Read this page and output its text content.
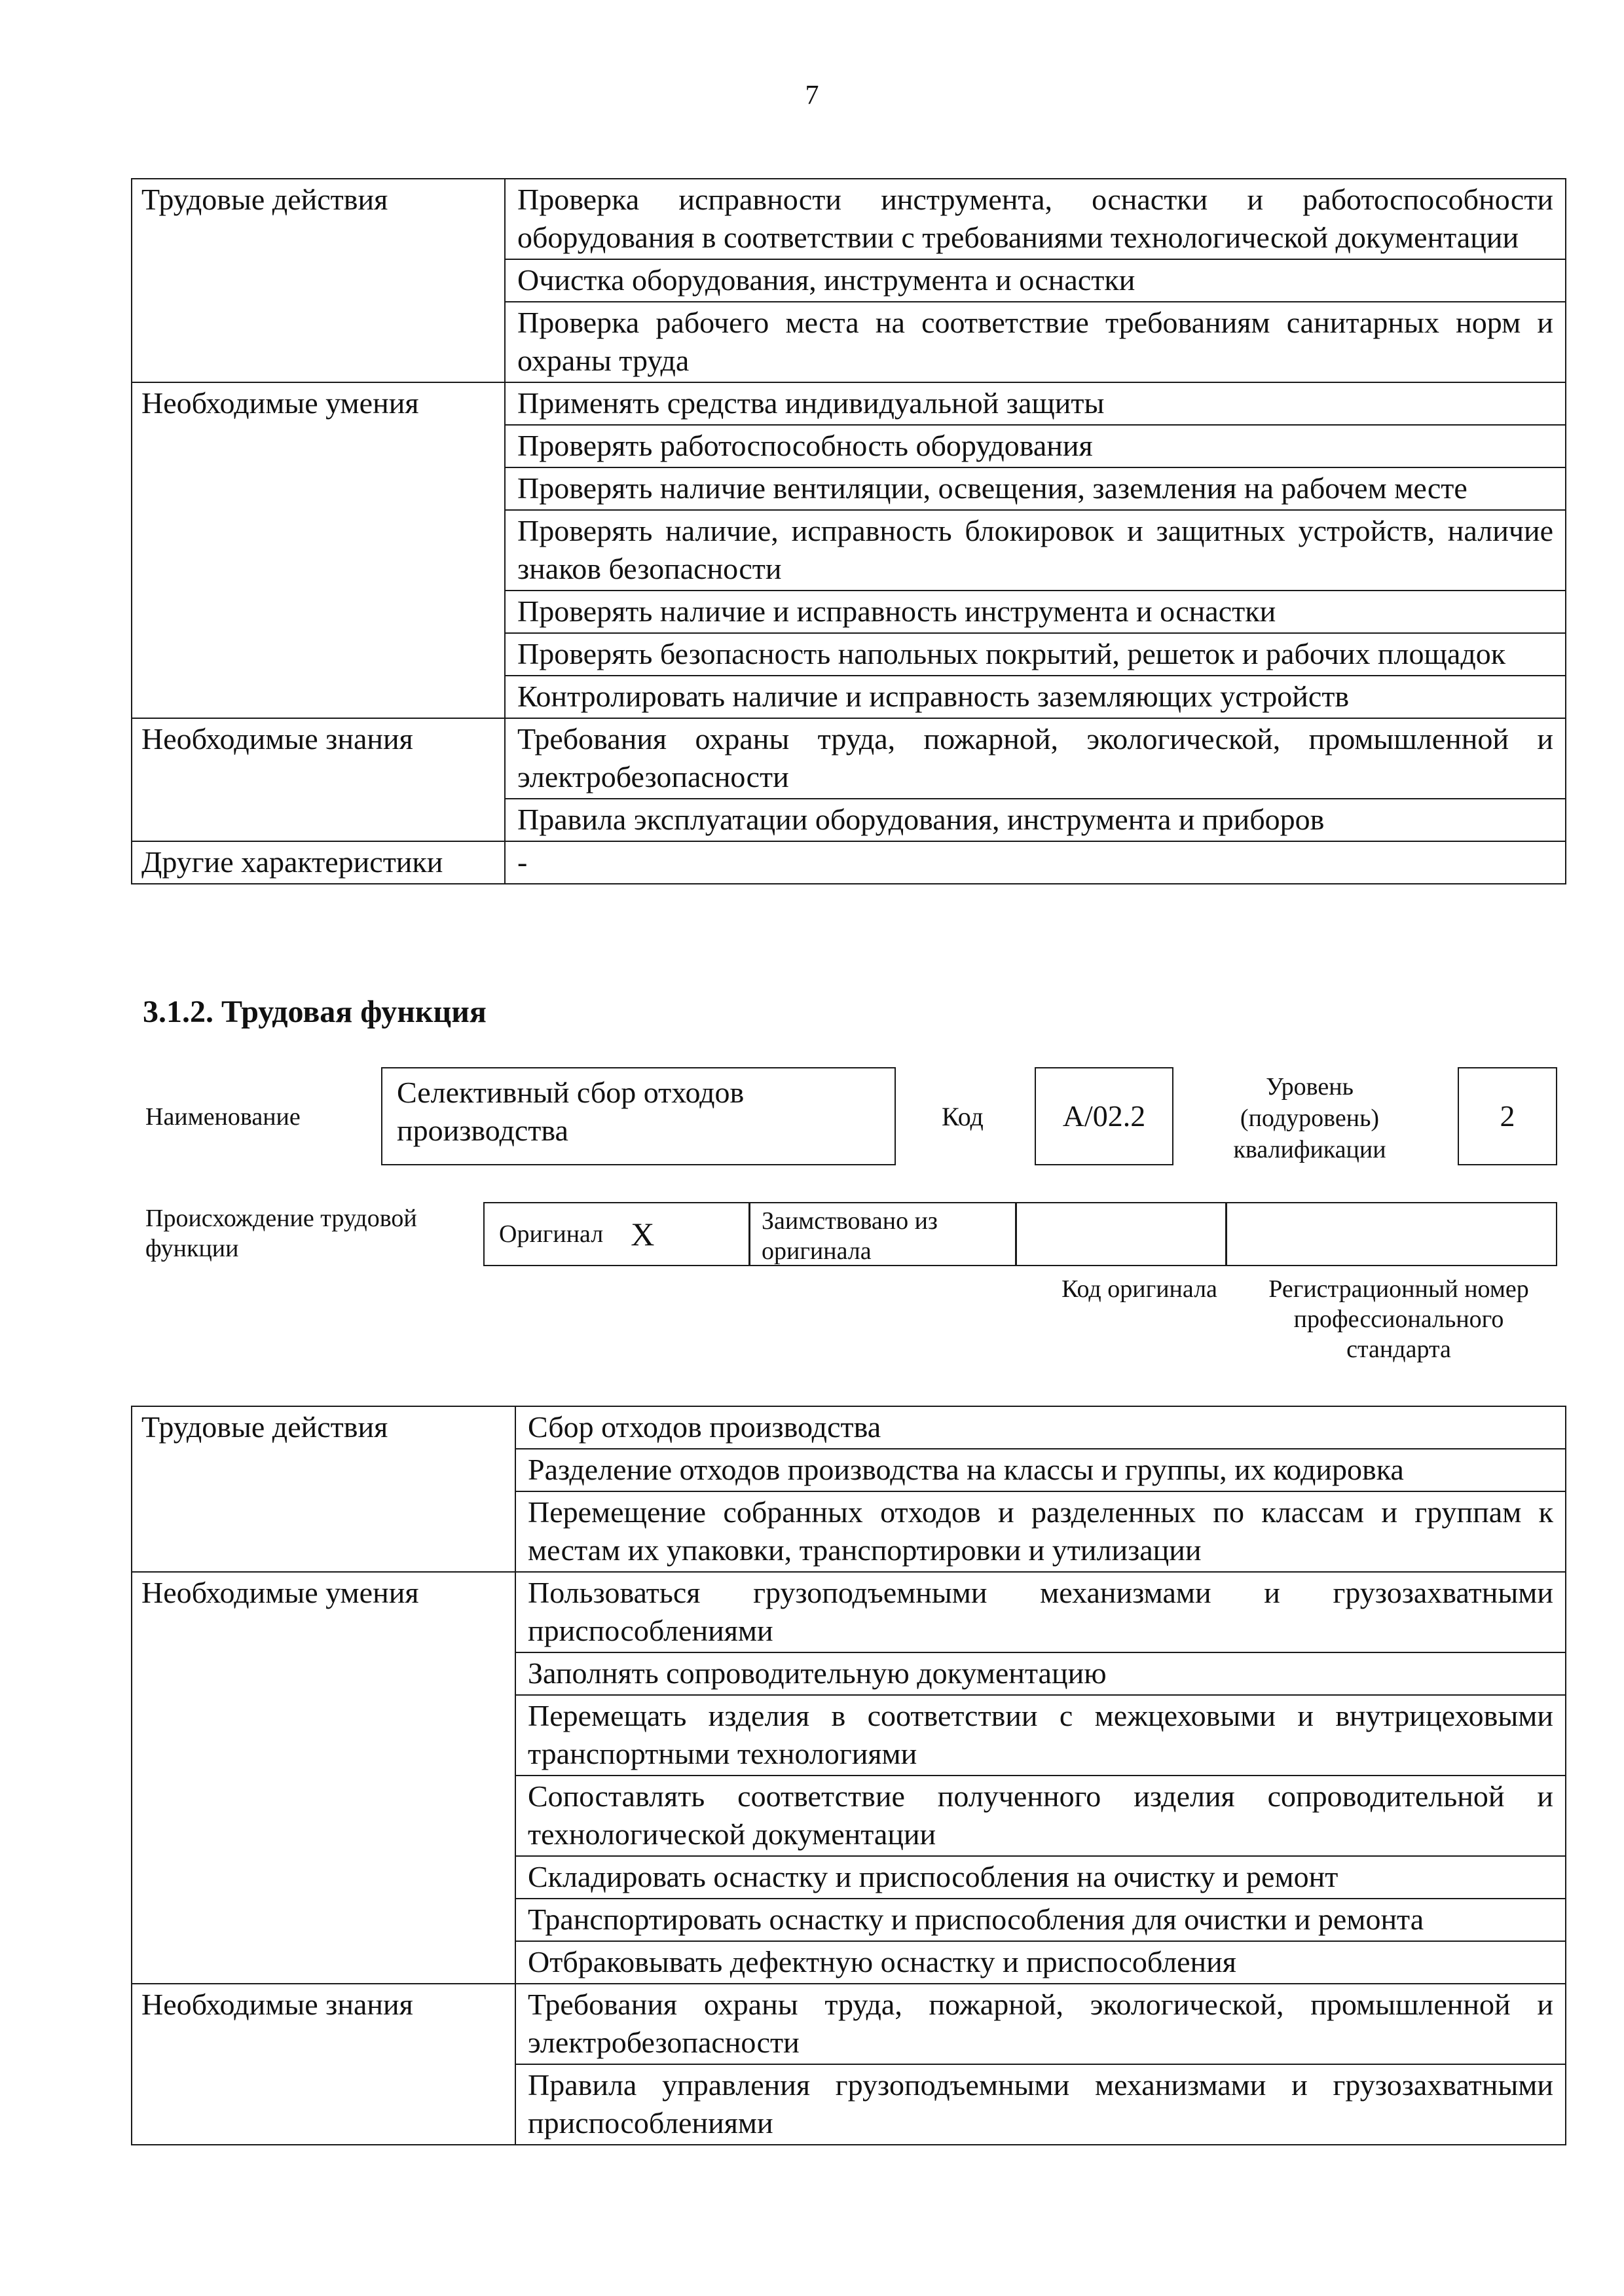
7
Трудовые действия	Проверка исправности инструмента, оснастки и работоспособности оборудования в соответствии с требованиями технологической документации
	Очистка оборудования, инструмента и оснастки
	Проверка рабочего места на соответствие требованиям санитарных норм и охраны труда
Необходимые умения	Применять средства индивидуальной защиты
	Проверять работоспособность оборудования
	Проверять наличие вентиляции, освещения, заземления на рабочем месте
	Проверять наличие, исправность блокировок и защитных устройств, наличие знаков безопасности
	Проверять наличие и исправность инструмента и оснастки
	Проверять безопасность напольных покрытий, решеток и рабочих площадок
	Контролировать наличие и исправность заземляющих устройств
Необходимые знания	Требования охраны труда, пожарной, экологической, промышленной и электробезопасности
	Правила эксплуатации оборудования, инструмента и приборов
Другие характеристики	-
3.1.2. Трудовая функция
Наименование
Селективный сбор отходов производства	Код	A/02.2
Уровень (подуровень) квалификации
2
Происхождение трудовой функции
Оригинал X	Заимствовано из оригинала
Код оригинала	Регистрационный номер профессионального стандарта
Трудовые действия	Сбор отходов производства
	Разделение отходов производства на классы и группы, их кодировка
	Перемещение собранных отходов и разделенных по классам и группам к местам их упаковки, транспортировки и утилизации
Необходимые умения	Пользоваться грузоподъемными механизмами и грузозахватными приспособлениями
	Заполнять сопроводительную документацию
	Перемещать изделия в соответствии с межцеховыми и внутрицеховыми транспортными технологиями
	Сопоставлять соответствие полученного изделия сопроводительной и технологической документации
	Складировать оснастку и приспособления на очистку и ремонт
	Транспортировать оснастку и приспособления для очистки и ремонта
	Отбраковывать дефектную оснастку и приспособления
Необходимые знания	Требования охраны труда, пожарной, экологической, промышленной и электробезопасности
	Правила управления грузоподъемными механизмами и грузозахватными приспособлениями
